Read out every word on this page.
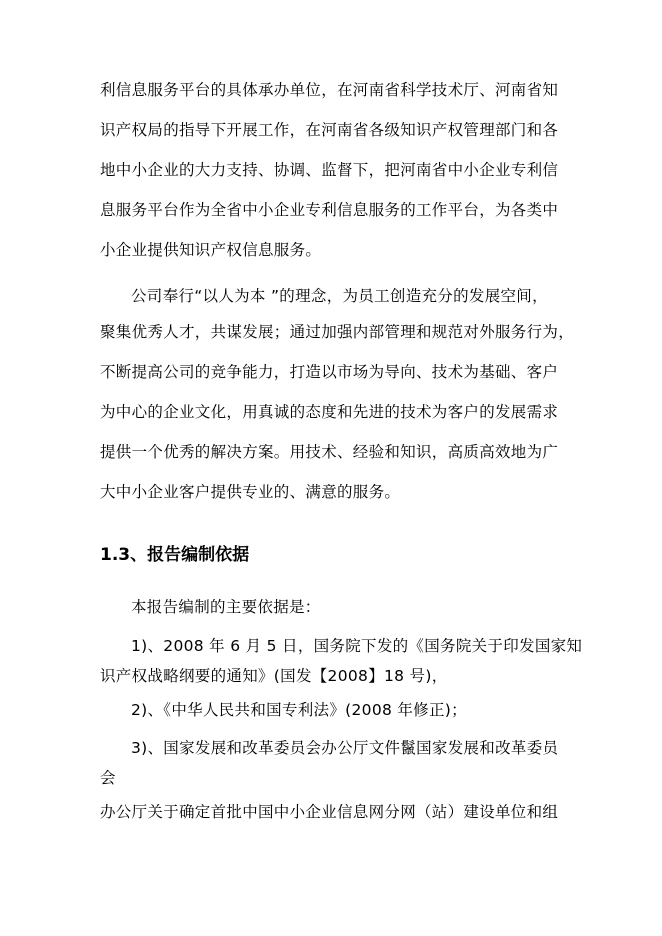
利信息服务平台的具体承办单位，在河南省科学技术厅、河南省知
识产权局的指导下开展工作，在河南省各级知识产权管理部门和各
地中小企业的大力支持、协调、监督下，把河南省中小企业专利信
息服务平台作为全省中小企业专利信息服务的工作平台，为各类中
小企业提供知识产权信息服务。
公司奉行“以人为本 ”的理念，为员工创造充分的发展空间，
聚集优秀人才，共谋发展；通过加强内部管理和规范对外服务行为，
不断提高公司的竞争能力，打造以市场为导向、技术为基础、客户
为中心的企业文化，用真诚的态度和先进的技术为客户的发展需求
提供一个优秀的解决方案。用技术、经验和知识，高质高效地为广
大中小企业客户提供专业的、满意的服务。
1.3、报告编制依据
本报告编制的主要依据是：
1)、2008 年 6 月 5 日，国务院下发的《国务院关于印发国家知
识产权战略纲要的通知》(国发【2008】18 号)，
2)、《中华人民共和国专利法》(2008 年修正)；
3)、国家发展和改革委员会办公厅文件鬣国家发展和改革委员
会
办公厅关于确定首批中国中小企业信息网分网（站）建设单位和组
